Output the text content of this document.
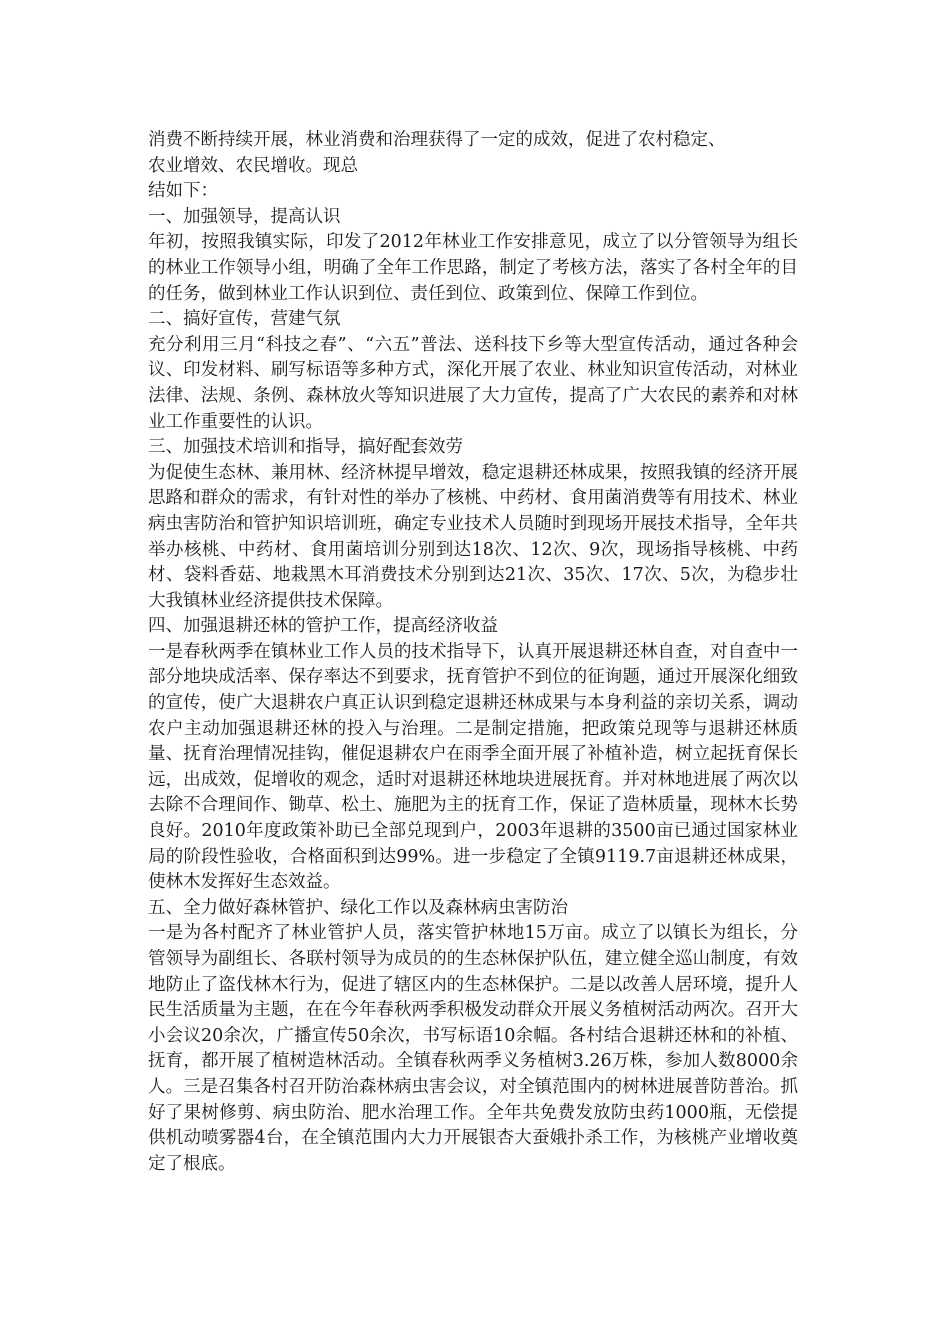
消费不断持续开展，林业消费和治理获得了一定的成效，促进了农村稳定、
农业增效、农民增收。现总
结如下：
一、加强领导，提高认识
年初，按照我镇实际，印发了2012年林业工作安排意见，成立了以分管领导为组长的林业工作领导小组，明确了全年工作思路，制定了考核方法，落实了各村全年的目的任务，做到林业工作认识到位、责任到位、政策到位、保障工作到位。
二、搞好宣传，营建气氛
充分利用三月“科技之春”、“六五”普法、送科技下乡等大型宣传活动，通过各种会议、印发材料、刷写标语等多种方式，深化开展了农业、林业知识宣传活动，对林业法律、法规、条例、森林放火等知识进展了大力宣传，提高了广大农民的素养和对林业工作重要性的认识。
三、加强技术培训和指导，搞好配套效劳
为促使生态林、兼用林、经济林提早增效，稳定退耕还林成果，按照我镇的经济开展思路和群众的需求，有针对性的举办了核桃、中药材、食用菌消费等有用技术、林业病虫害防治和管护知识培训班，确定专业技术人员随时到现场开展技术指导，全年共举办核桃、中药材、食用菌培训分别到达18次、12次、9次，现场指导核桃、中药材、袋料香菇、地栽黑木耳消费技术分别到达21次、35次、17次、5次，为稳步壮大我镇林业经济提供技术保障。
四、加强退耕还林的管护工作，提高经济收益
一是春秋两季在镇林业工作人员的技术指导下，认真开展退耕还林自查，对自查中一部分地块成活率、保存率达不到要求，抚育管护不到位的征询题，通过开展深化细致的宣传，使广大退耕农户真正认识到稳定退耕还林成果与本身利益的亲切关系，调动农户主动加强退耕还林的投入与治理。二是制定措施，把政策兑现等与退耕还林质量、抚育治理情况挂钩，催促退耕农户在雨季全面开展了补植补造，树立起抚育保长远，出成效，促增收的观念，适时对退耕还林地块进展抚育。并对林地进展了两次以去除不合理间作、锄草、松土、施肥为主的抚育工作，保证了造林质量，现林木长势良好。2010年度政策补助已全部兑现到户，2003年退耕的3500亩已通过国家林业局的阶段性验收，合格面积到达99%。进一步稳定了全镇9119.7亩退耕还林成果，使林木发挥好生态效益。
五、全力做好森林管护、绿化工作以及森林病虫害防治
一是为各村配齐了林业管护人员，落实管护林地15万亩。成立了以镇长为组长，分管领导为副组长、各联村领导为成员的的生态林保护队伍，建立健全巡山制度，有效地防止了盗伐林木行为，促进了辖区内的生态林保护。二是以改善人居环境，提升人民生活质量为主题，在在今年春秋两季积极发动群众开展义务植树活动两次。召开大小会议20余次，广播宣传50余次，书写标语10余幅。各村结合退耕还林和的补植、抚育，都开展了植树造林活动。全镇春秋两季义务植树3.26万株，参加人数8000余人。三是召集各村召开防治森林病虫害会议，对全镇范围内的树林进展普防普治。抓好了果树修剪、病虫防治、肥水治理工作。全年共免费发放防虫药1000瓶，无偿提供机动喷雾器4台，在全镇范围内大力开展银杏大蚕娥扑杀工作，为核桃产业增收奠定了根底。
